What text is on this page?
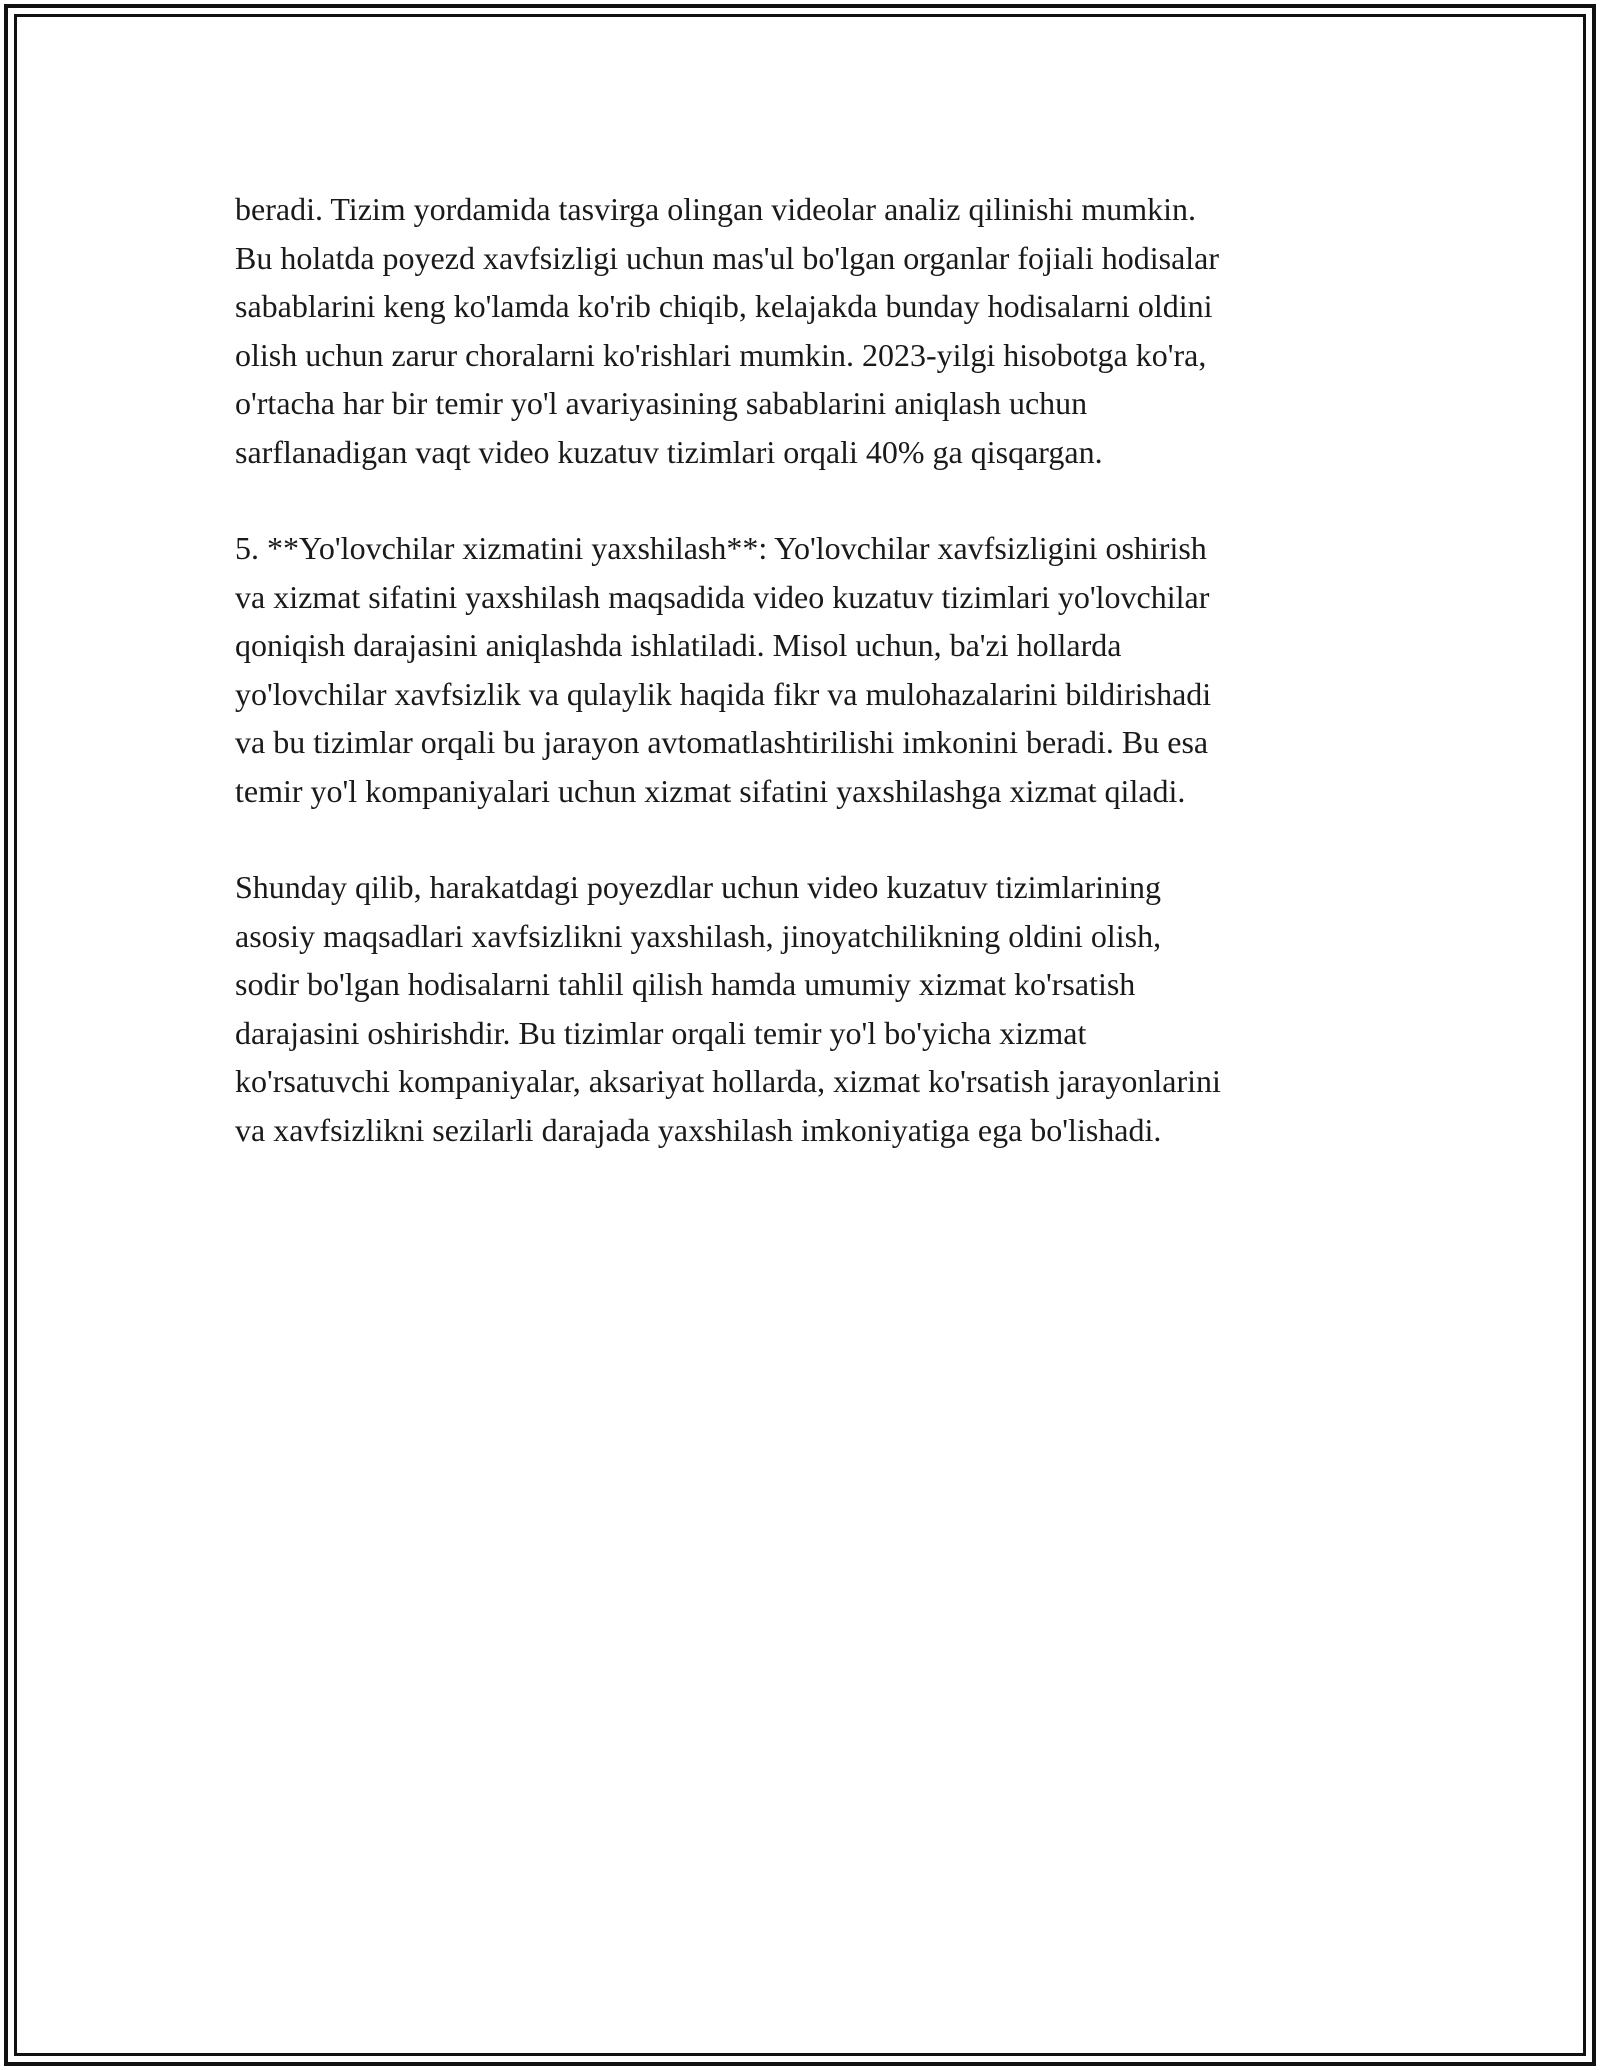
beradi. Tizim yordamida tasvirga olingan videolar analiz qilinishi mumkin.
Bu holatda poyezd xavfsizligi uchun mas'ul bo'lgan organlar fojiali hodisalar
sabablarini keng ko'lamda ko'rib chiqib, kelajakda bunday hodisalarni oldini
olish uchun zarur choralarni ko'rishlari mumkin. 2023-yilgi hisobotga ko'ra,
o'rtacha har bir temir yo'l avariyasining sabablarini aniqlash uchun
sarflanadigan vaqt video kuzatuv tizimlari orqali 40% ga qisqargan.

5. **Yo'lovchilar xizmatini yaxshilash**: Yo'lovchilar xavfsizligini oshirish
va xizmat sifatini yaxshilash maqsadida video kuzatuv tizimlari yo'lovchilar
qoniqish darajasini aniqlashda ishlatiladi. Misol uchun, ba'zi hollarda
yo'lovchilar xavfsizlik va qulaylik haqida fikr va mulohazalarini bildirishadi
va bu tizimlar orqali bu jarayon avtomatlashtirilishi imkonini beradi. Bu esa
temir yo'l kompaniyalari uchun xizmat sifatini yaxshilashga xizmat qiladi.

Shunday qilib, harakatdagi poyezdlar uchun video kuzatuv tizimlarining
asosiy maqsadlari xavfsizlikni yaxshilash, jinoyatchilikning oldini olish,
sodir bo'lgan hodisalarni tahlil qilish hamda umumiy xizmat ko'rsatish
darajasini oshirishdir. Bu tizimlar orqali temir yo'l bo'yicha xizmat
ko'rsatuvchi kompaniyalar, aksariyat hollarda, xizmat ko'rsatish jarayonlarini
va xavfsizlikni sezilarli darajada yaxshilash imkoniyatiga ega bo'lishadi.
